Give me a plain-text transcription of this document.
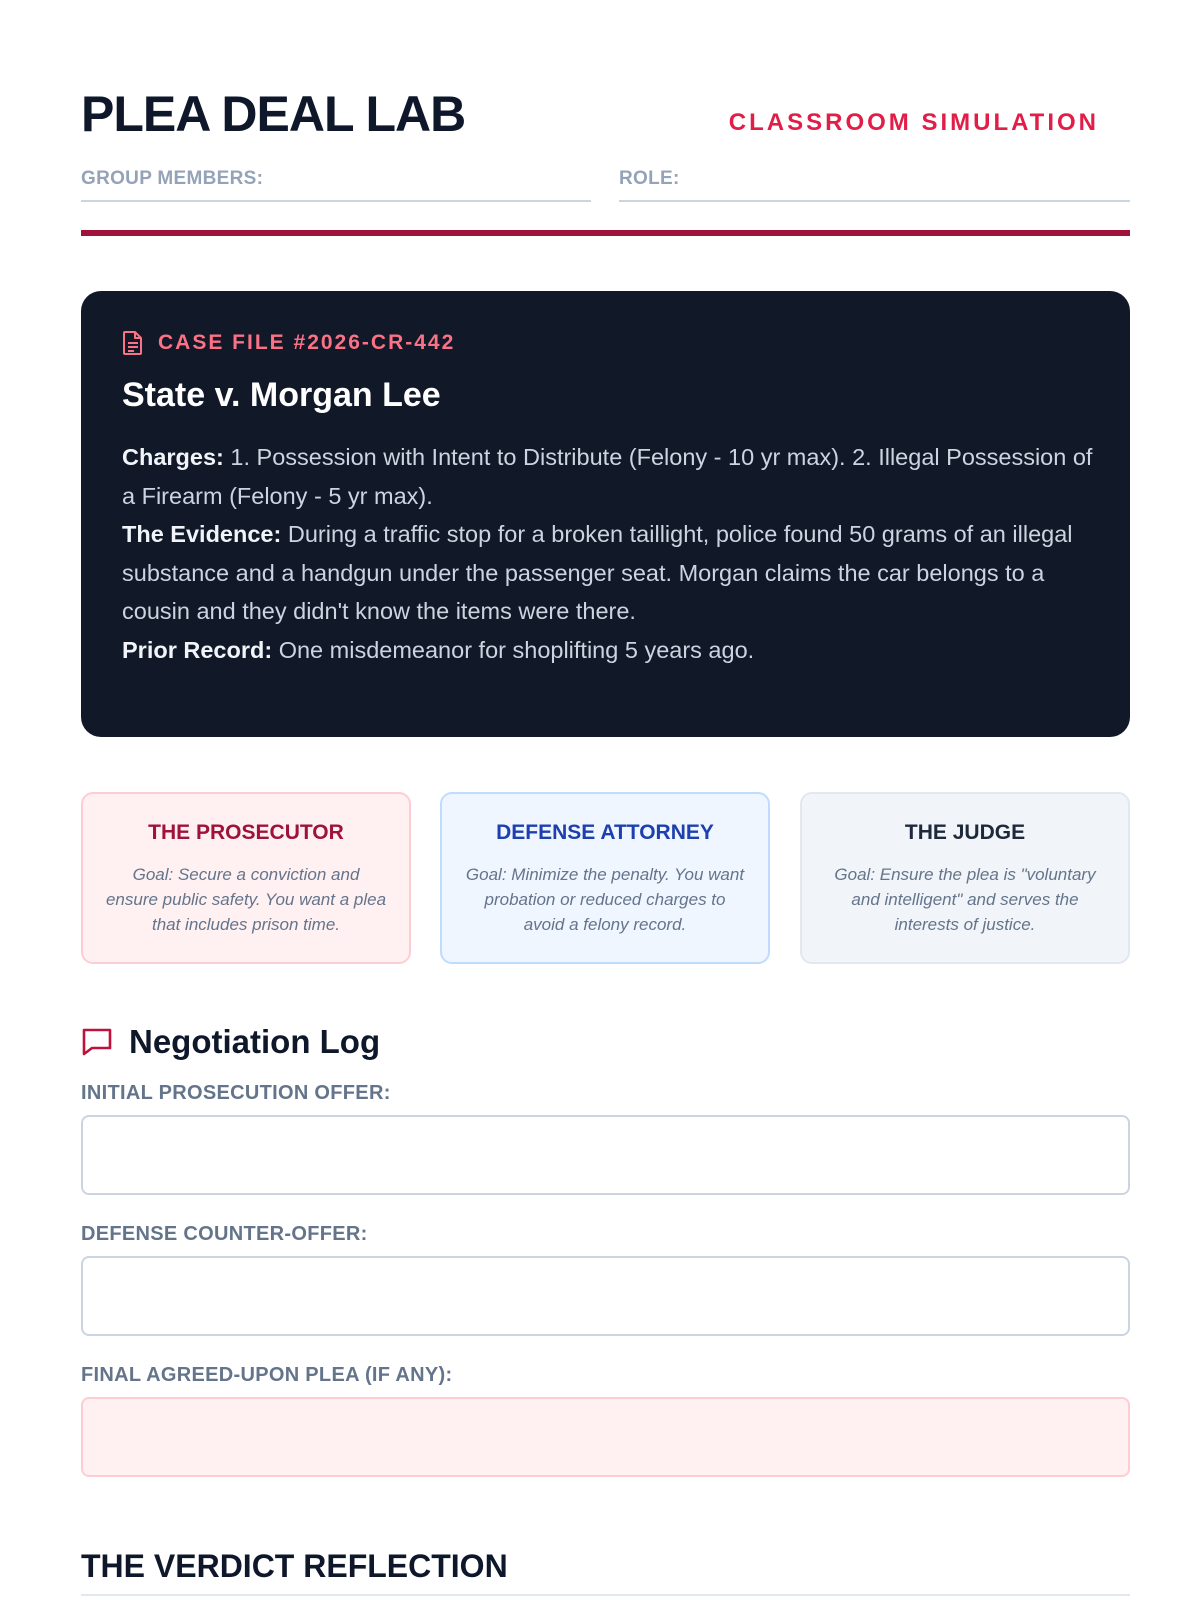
PLEA DEAL LAB	CLASSROOM SIMULATION
GROUP MEMBERS:	ROLE:
CASE FILE #2026-CR-442
State v. Morgan Lee

Charges: 1. Possession with Intent to Distribute (Felony - 10 yr max). 2. Illegal Possession of a Firearm (Felony - 5 yr max).

The Evidence: During a traffic stop for a broken taillight, police found 50 grams of an illegal substance and a handgun under the passenger seat. Morgan claims the car belongs to a cousin and they didn't know the items were there.

Prior Record: One misdemeanor for shoplifting 5 years ago.

THE PROSECUTOR

Goal: Secure a conviction and ensure public safety. You want a plea that includes prison time.

DEFENSE ATTORNEY

Goal: Minimize the penalty. You want probation or reduced charges to avoid a felony record.

THE JUDGE

Goal: Ensure the plea is "voluntary and intelligent" and serves the interests of justice.

Negotiation Log
INITIAL PROSECUTION OFFER:
DEFENSE COUNTER-OFFER:
FINAL AGREED-UPON PLEA (IF ANY):
THE VERDICT REFLECTION
